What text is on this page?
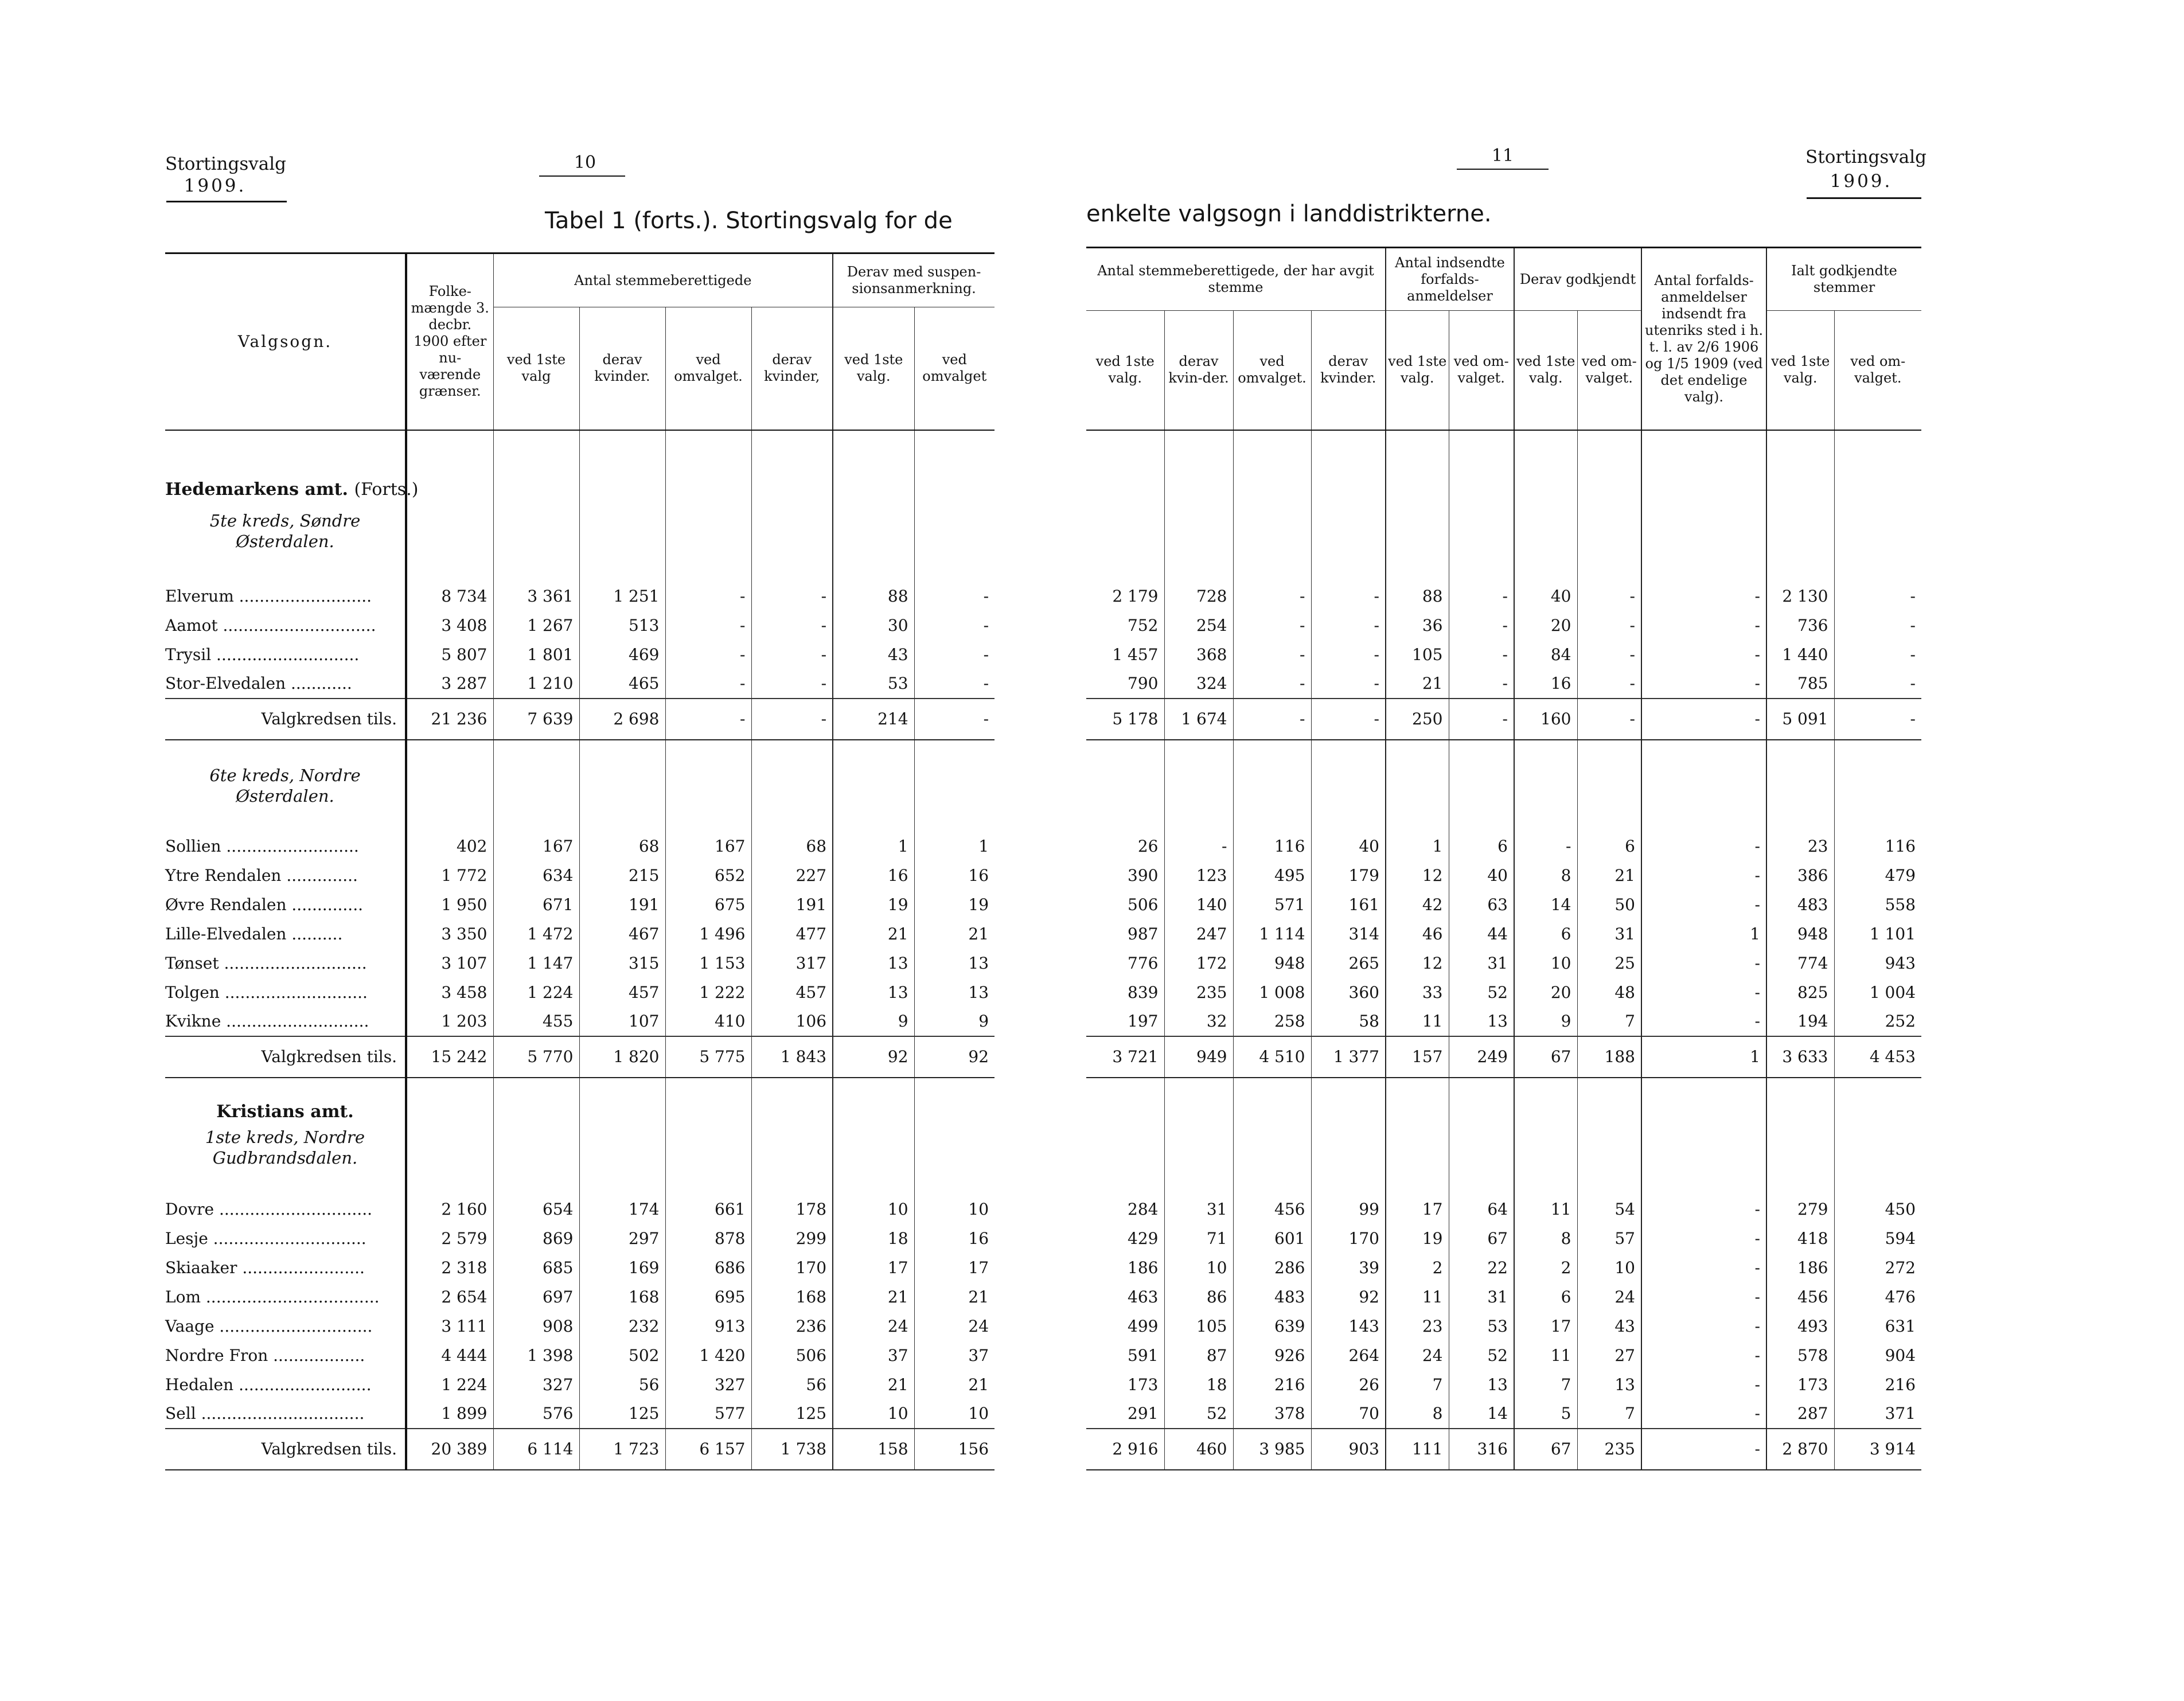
Stortingsvalg
1909.
10	Stortingsvalg
1909.
11
Tabel 1 (forts.). Stortingsvalg for de	enkelte valgsogn i landdistrikterne.
Valgsogn.	Folke-mængde 3. decbr. 1900 efter nu-værende grænser.	Antal stemmeberettigede				Derav med suspen-sionsanmerkning.	
		ved 1ste valg	derav kvinder.	ved omvalget.	derav kvinder,	ved 1ste valg.	ved omvalget

Hedemarkens amt. (Forts.)							
5te kreds, Søndre Østerdalen.							

Elverum ..........................	8 734	3 361	1 251	-	-	88	-
Aamot ..............................	3 408	1 267	513	-	-	30	-
Trysil ............................	5 807	1 801	469	-	-	43	-
Stor-Elvedalen ............	3 287	1 210	465	-	-	53	-
Valgkredsen tils.	21 236	7 639	2 698	-	-	214	-

6te kreds, Nordre Østerdalen.							

Sollien ..........................	402	167	68	167	68	1	1
Ytre Rendalen ..............	1 772	634	215	652	227	16	16
Øvre Rendalen ..............	1 950	671	191	675	191	19	19
Lille-Elvedalen ..........	3 350	1 472	467	1 496	477	21	21
Tønset ............................	3 107	1 147	315	1 153	317	13	13
Tolgen ............................	3 458	1 224	457	1 222	457	13	13
Kvikne ............................	1 203	455	107	410	106	9	9
Valgkredsen tils.	15 242	5 770	1 820	5 775	1 843	92	92

Kristians amt.							
1ste kreds, Nordre Gudbrandsdalen.							

Dovre ..............................	2 160	654	174	661	178	10	10
Lesje ..............................	2 579	869	297	878	299	18	16
Skiaaker ........................	2 318	685	169	686	170	17	17
Lom ..................................	2 654	697	168	695	168	21	21
Vaage ..............................	3 111	908	232	913	236	24	24
Nordre Fron ..................	4 444	1 398	502	1 420	506	37	37
Hedalen ..........................	1 224	327	56	327	56	21	21
Sell ................................	1 899	576	125	577	125	10	10
Valgkredsen tils.	20 389	6 114	1 723	6 157	1 738	158	156
Antal stemmeberettigede, der har avgit stemme				Antal indsendte forfalds-anmeldelser		Derav godkjendt		Antal forfalds-anmeldelser indsendt fra utenriks sted i h. t. l. av 2/6 1906 og 1/5 1909 (ved det endelige valg).	Ialt godkjendte stemmer	
ved 1ste valg.	derav kvin-der.	ved omvalget.	derav kvinder.	ved 1ste valg.	ved om-valget.	ved 1ste valg.	ved om-valget.		ved 1ste valg.	ved om-valget.

2 179	728	-	-	88	-	40	-	-	2 130	-
752	254	-	-	36	-	20	-	-	736	-
1 457	368	-	-	105	-	84	-	-	1 440	-
790	324	-	-	21	-	16	-	-	785	-
5 178	1 674	-	-	250	-	160	-	-	5 091	-

26	-	116	40	1	6	-	6	-	23	116
390	123	495	179	12	40	8	21	-	386	479
506	140	571	161	42	63	14	50	-	483	558
987	247	1 114	314	46	44	6	31	1	948	1 101
776	172	948	265	12	31	10	25	-	774	943
839	235	1 008	360	33	52	20	48	-	825	1 004
197	32	258	58	11	13	9	7	-	194	252
3 721	949	4 510	1 377	157	249	67	188	1	3 633	4 453

284	31	456	99	17	64	11	54	-	279	450
429	71	601	170	19	67	8	57	-	418	594
186	10	286	39	2	22	2	10	-	186	272
463	86	483	92	11	31	6	24	-	456	476
499	105	639	143	23	53	17	43	-	493	631
591	87	926	264	24	52	11	27	-	578	904
173	18	216	26	7	13	7	13	-	173	216
291	52	378	70	8	14	5	7	-	287	371
2 916	460	3 985	903	111	316	67	235	-	2 870	3 914
